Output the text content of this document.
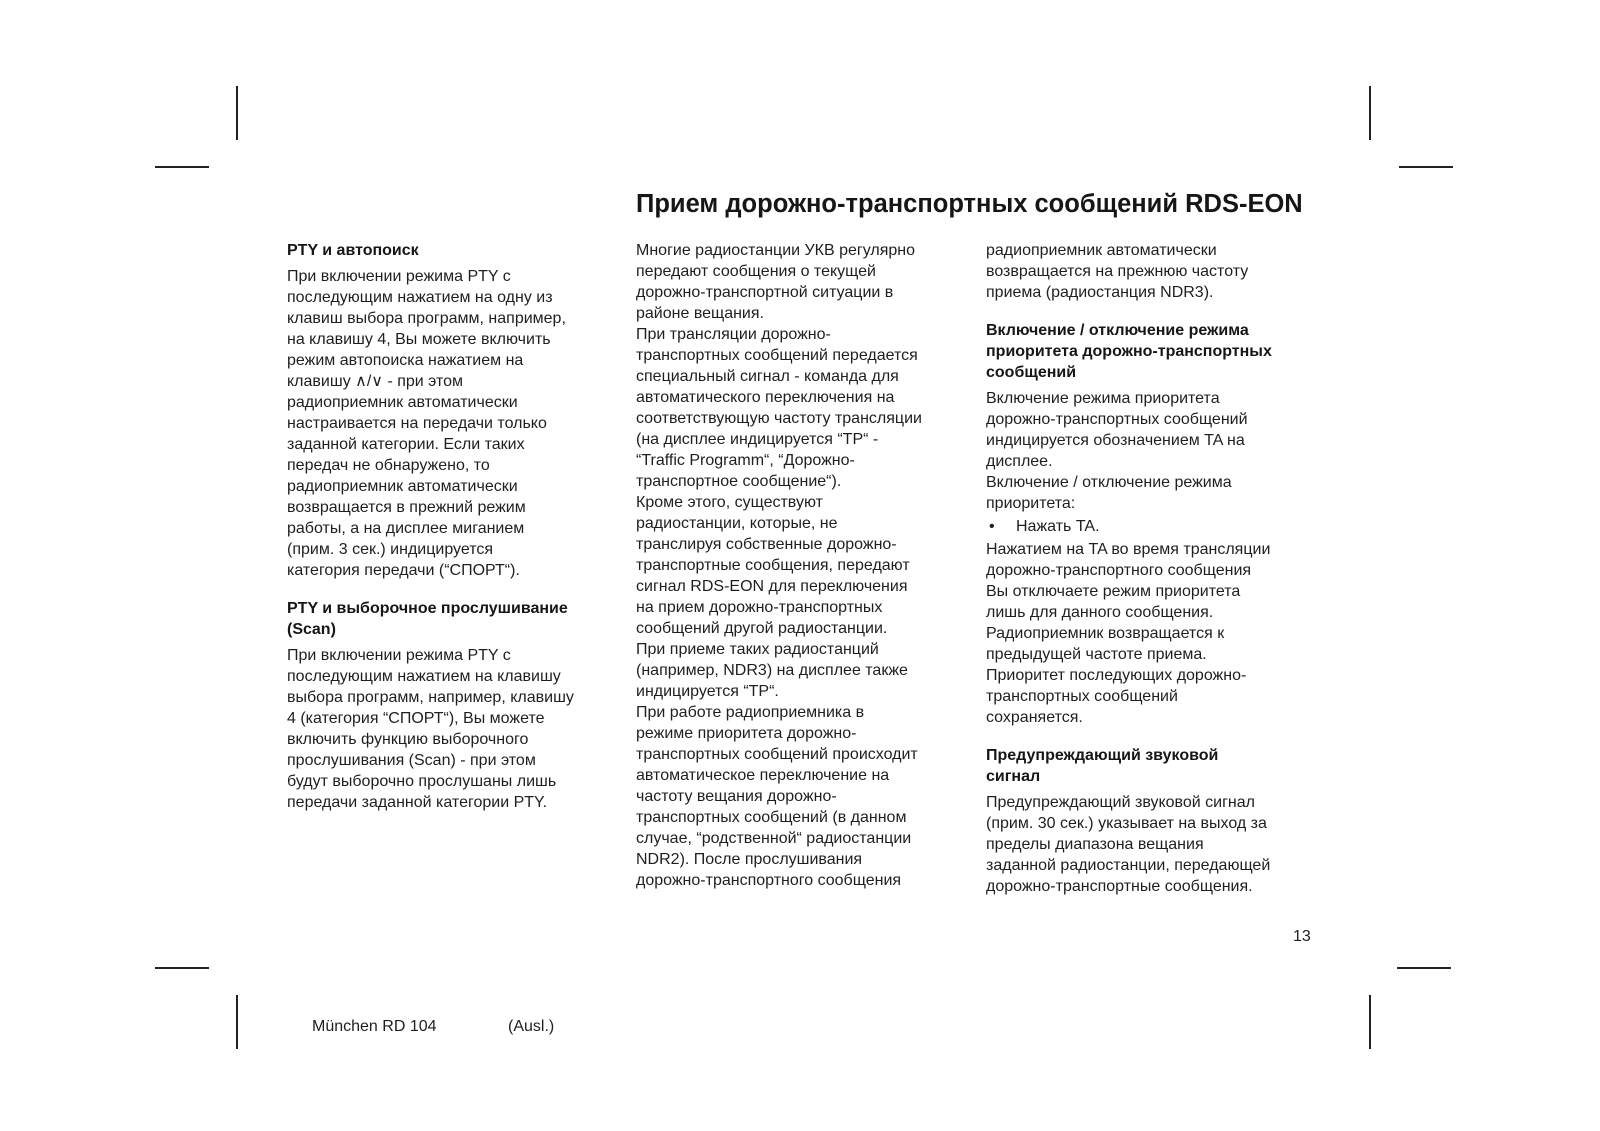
Прием дорожно-транспортных сообщений RDS-EON
PTY и автопоиск

При включении режима PTY с

последующим нажатием на одну из

клавиш выбора программ, например,

на клавишу 4, Вы можете включить

режим автопоиска нажатием на

клавишу ∧/∨ - при этом

радиоприемник автоматически

настраивается на передачи только

заданной категории. Если таких

передач не обнаружено, то

радиоприемник автоматически

возвращается в прежний режим

работы, а на дисплее миганием

(прим. 3 сек.) индицируется

категория передачи (“СПОРТ“).

PTY и выборочное прослушивание
(Scan)

При включении режима PTY с

последующим нажатием на клавишу

выбора программ, например, клавишу

4 (категория “СПОРТ“), Вы можете

включить функцию выборочного

прослушивания (Scan) - при этом

будут выборочно прослушаны лишь

передачи заданной категории PTY.

Многие радиостанции УКВ регулярно

передают сообщения о текущей

дорожно-транспортной ситуации в

районе вещания.

При трансляции дорожно-

транспортных сообщений передается

специальный сигнал - команда для

автоматического переключения на

соответствующую частоту трансляции

(на дисплее индицируется “TP“ -

“Traffic Programm“, “Дорожно-

транспортное сообщение“).

Кроме этого, существуют

радиостанции, которые, не

транслируя собственные дорожно-

транспортные сообщения, передают

сигнал RDS-EON для переключения

на прием дорожно-транспортных

сообщений другой радиостанции.

При приеме таких радиостанций

(например, NDR3) на дисплее также

индицируется “TP“.

При работе радиоприемника в

режиме приоритета дорожно-

транспортных сообщений происходит

автоматическое переключение на

частоту вещания дорожно-

транспортных сообщений (в данном

случае, “родственной“ радиостанции

NDR2). После прослушивания

дорожно-транспортного сообщения

радиоприемник автоматически

возвращается на прежнюю частоту

приема (радиостанция NDR3).

Включение / отключение режима
приоритета дорожно-транспортных
сообщений

Включение режима приоритета

дорожно-транспортных сообщений

индицируется обозначением TA на

дисплее.

Включение / отключение режима

приоритета:

•	Нажать TA.

Нажатием на TA во время трансляции

дорожно-транспортного сообщения

Вы отключаете режим приоритета

лишь для данного сообщения.

Радиоприемник возвращается к

предыдущей частоте приема.

Приоритет последующих дорожно-

транспортных сообщений

сохраняется.

Предупреждающий звуковой
сигнал

Предупреждающий звуковой сигнал

(прим. 30 сек.) указывает на выход за

пределы диапазона вещания

заданной радиостанции, передающей

дорожно-транспортные сообщения.

13
München RD 104	(Ausl.)
